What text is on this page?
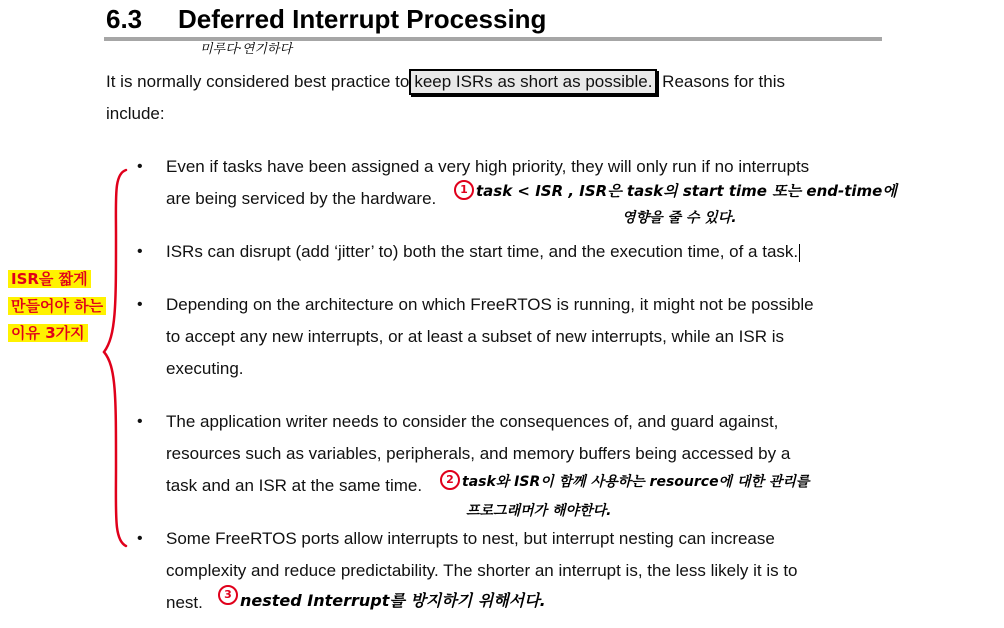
6.3 Deferred Interrupt Processing
미루다·연기하다
It is normally considered best practice to keep ISRs as short as possible. Reasons for this
include:
ISR을 짧게
만들어야 하는
이유 3가지
• Even if tasks have been assigned a very high priority, they will only run if no interrupts
are being serviced by the hardware.	1 task < ISR , ISR은 task의 start time 또는 end-time에
영향을 줄 수 있다.
• ISRs can disrupt (add ‘jitter’ to) both the start time, and the execution time, of a task.
• Depending on the architecture on which FreeRTOS is running, it might not be possible
to accept any new interrupts, or at least a subset of new interrupts, while an ISR is
executing.
• The application writer needs to consider the consequences of, and guard against,
resources such as variables, peripherals, and memory buffers being accessed by a
task and an ISR at the same time.	2 task와 ISR이 함께 사용하는 resource에 대한 관리를
프로그래머가 해야한다.
• Some FreeRTOS ports allow interrupts to nest, but interrupt nesting can increase
complexity and reduce predictability. The shorter an interrupt is, the less likely it is to
nest.	3 nested Interrupt를 방지하기 위해서다.
